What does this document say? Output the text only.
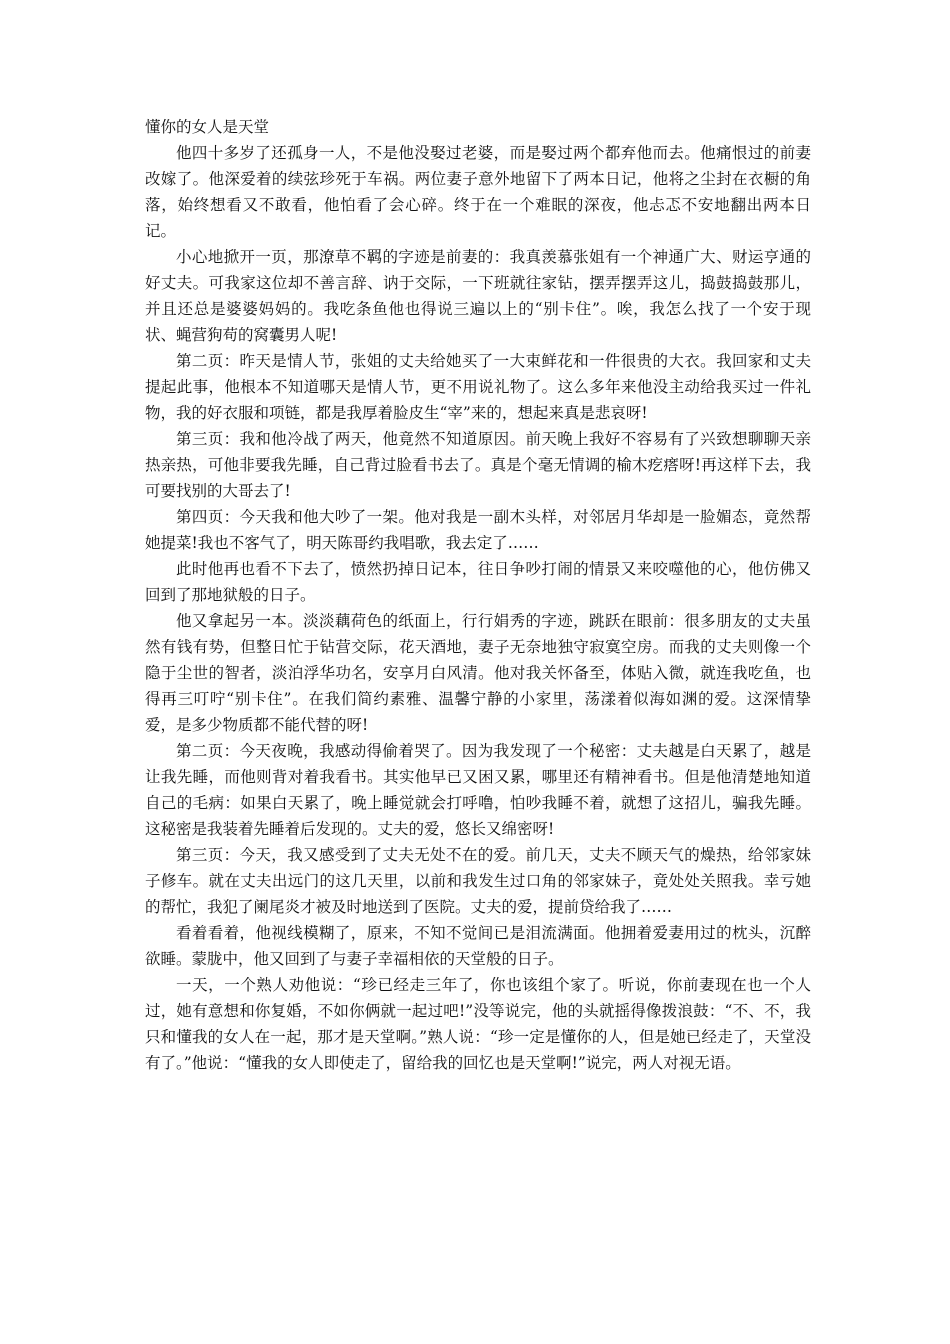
懂你的女人是天堂

他四十多岁了还孤身一人，不是他没娶过老婆，而是娶过两个都弃他而去。他痛恨过的前妻改嫁了。他深爱着的续弦珍死于车祸。两位妻子意外地留下了两本日记，他将之尘封在衣橱的角落，始终想看又不敢看，他怕看了会心碎。终于在一个难眠的深夜，他忐忑不安地翻出两本日记。

小心地掀开一页，那潦草不羁的字迹是前妻的：我真羡慕张姐有一个神通广大、财运亨通的好丈夫。可我家这位却不善言辞、讷于交际，一下班就往家钻，摆弄摆弄这儿，捣鼓捣鼓那儿，并且还总是婆婆妈妈的。我吃条鱼他也得说三遍以上的“别卡住”。唉，我怎么找了一个安于现状、蝇营狗苟的窝囊男人呢!

第二页：昨天是情人节，张姐的丈夫给她买了一大束鲜花和一件很贵的大衣。我回家和丈夫提起此事，他根本不知道哪天是情人节，更不用说礼物了。这么多年来他没主动给我买过一件礼物，我的好衣服和项链，都是我厚着脸皮生“宰”来的，想起来真是悲哀呀!

第三页：我和他冷战了两天，他竟然不知道原因。前天晚上我好不容易有了兴致想聊聊天亲热亲热，可他非要我先睡，自己背过脸看书去了。真是个毫无情调的榆木疙瘩呀!再这样下去，我可要找别的大哥去了!

第四页：今天我和他大吵了一架。他对我是一副木头样，对邻居月华却是一脸媚态，竟然帮她提菜!我也不客气了，明天陈哥约我唱歌，我去定了……

此时他再也看不下去了，愤然扔掉日记本，往日争吵打闹的情景又来咬噬他的心，他仿佛又回到了那地狱般的日子。

他又拿起另一本。淡淡藕荷色的纸面上，行行娟秀的字迹，跳跃在眼前：很多朋友的丈夫虽然有钱有势，但整日忙于钻营交际，花天酒地，妻子无奈地独守寂寞空房。而我的丈夫则像一个隐于尘世的智者，淡泊浮华功名，安享月白风清。他对我关怀备至，体贴入微，就连我吃鱼，也得再三叮咛“别卡住”。在我们简约素雅、温馨宁静的小家里，荡漾着似海如渊的爱。这深情挚爱，是多少物质都不能代替的呀!

第二页：今天夜晚，我感动得偷着哭了。因为我发现了一个秘密：丈夫越是白天累了，越是让我先睡，而他则背对着我看书。其实他早已又困又累，哪里还有精神看书。但是他清楚地知道自己的毛病：如果白天累了，晚上睡觉就会打呼噜，怕吵我睡不着，就想了这招儿，骗我先睡。这秘密是我装着先睡着后发现的。丈夫的爱，悠长又绵密呀!

第三页：今天，我又感受到了丈夫无处不在的爱。前几天，丈夫不顾天气的燥热，给邻家妹子修车。就在丈夫出远门的这几天里，以前和我发生过口角的邻家妹子，竟处处关照我。幸亏她的帮忙，我犯了阑尾炎才被及时地送到了医院。丈夫的爱，提前贷给我了……

看着看着，他视线模糊了，原来，不知不觉间已是泪流满面。他拥着爱妻用过的枕头，沉醉欲睡。蒙胧中，他又回到了与妻子幸福相依的天堂般的日子。

一天，一个熟人劝他说：“珍已经走三年了，你也该组个家了。听说，你前妻现在也一个人过，她有意想和你复婚，不如你俩就一起过吧!”没等说完，他的头就摇得像拨浪鼓：“不、不，我只和懂我的女人在一起，那才是天堂啊。”熟人说：“珍一定是懂你的人，但是她已经走了，天堂没有了。”他说：“懂我的女人即使走了，留给我的回忆也是天堂啊!”说完，两人对视无语。
